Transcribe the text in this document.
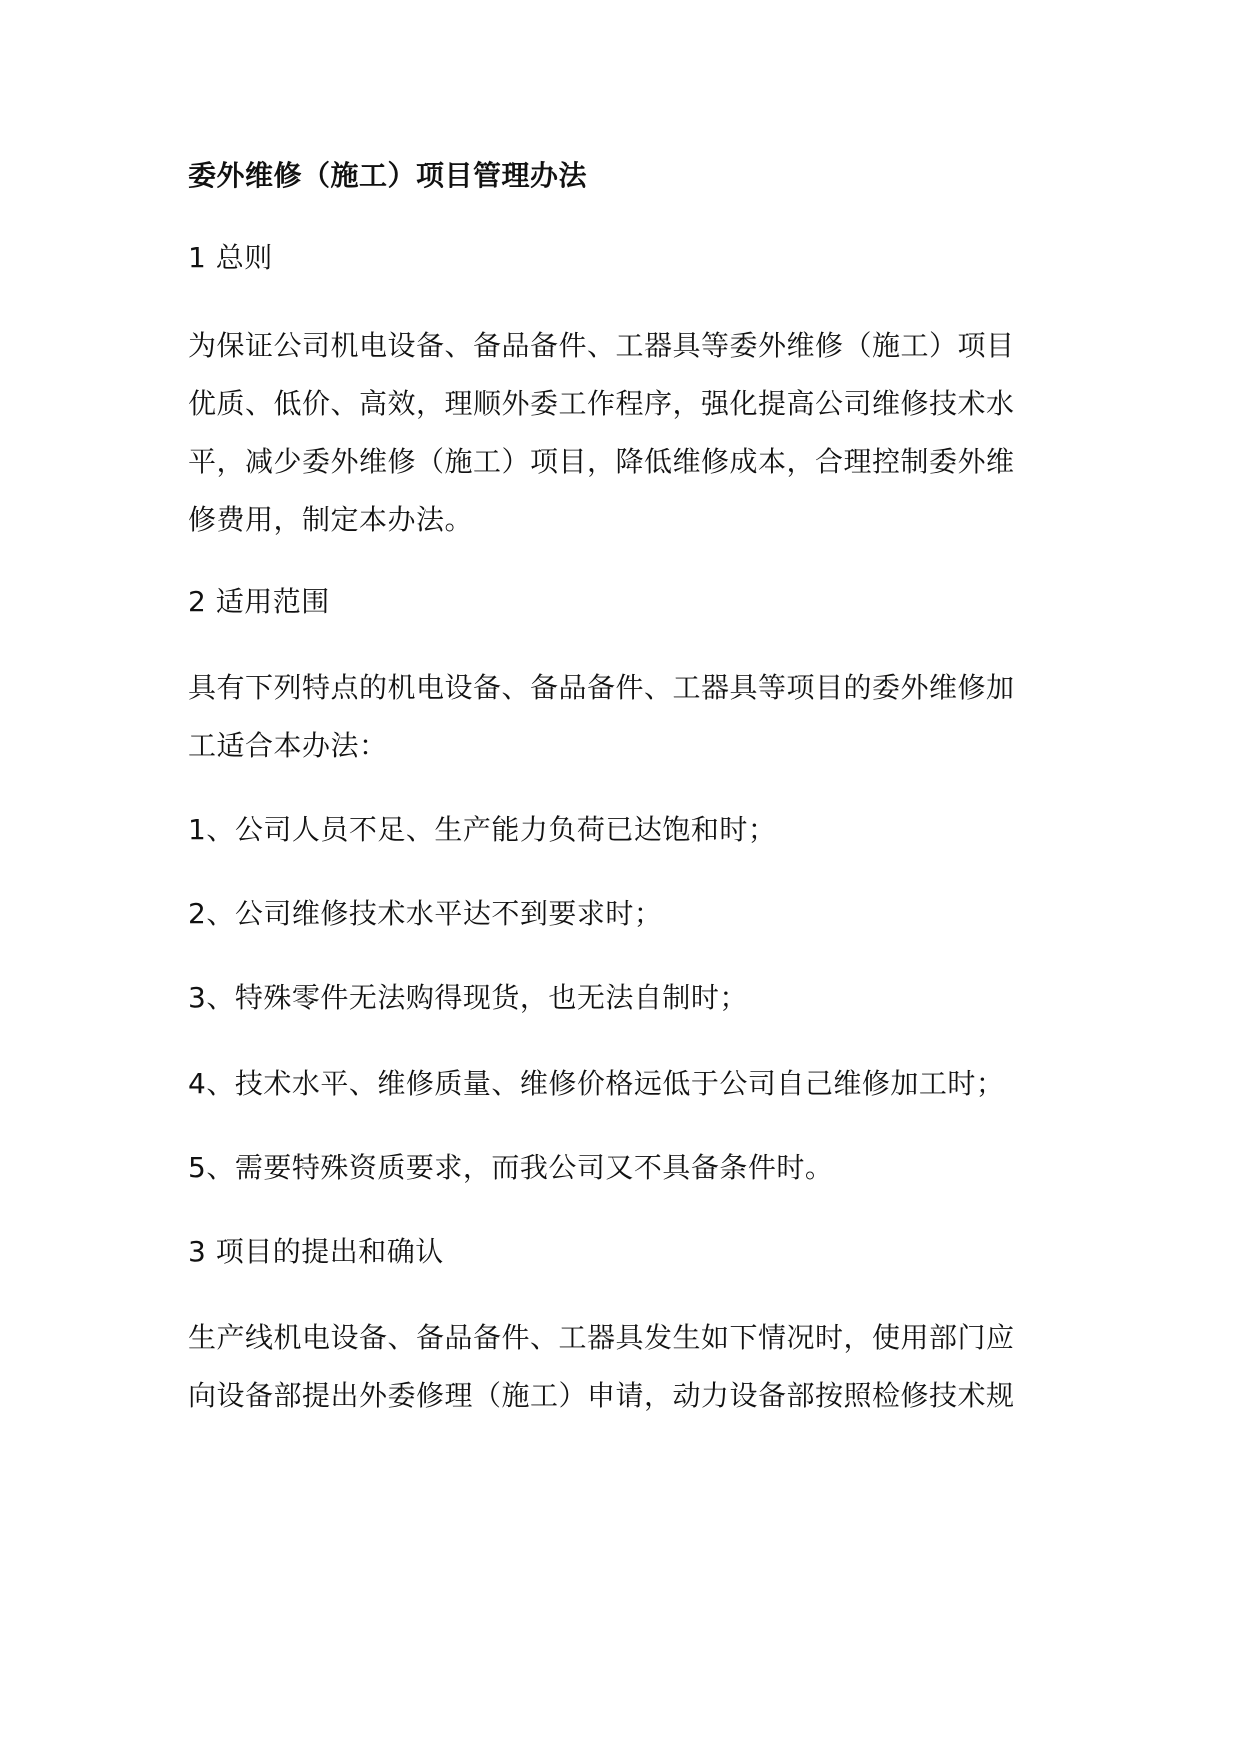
委外维修（施工）项目管理办法
1 总则
为保证公司机电设备、备品备件、工器具等委外维修（施工）项目
优质、低价、高效，理顺外委工作程序，强化提高公司维修技术水
平，减少委外维修（施工）项目，降低维修成本，合理控制委外维
修费用，制定本办法。
2 适用范围
具有下列特点的机电设备、备品备件、工器具等项目的委外维修加
工适合本办法：
1、公司人员不足、生产能力负荷已达饱和时；
2、公司维修技术水平达不到要求时；
3、特殊零件无法购得现货，也无法自制时；
4、技术水平、维修质量、维修价格远低于公司自己维修加工时；
5、需要特殊资质要求，而我公司又不具备条件时。
3 项目的提出和确认
生产线机电设备、备品备件、工器具发生如下情况时，使用部门应
向设备部提出外委修理（施工）申请，动力设备部按照检修技术规
